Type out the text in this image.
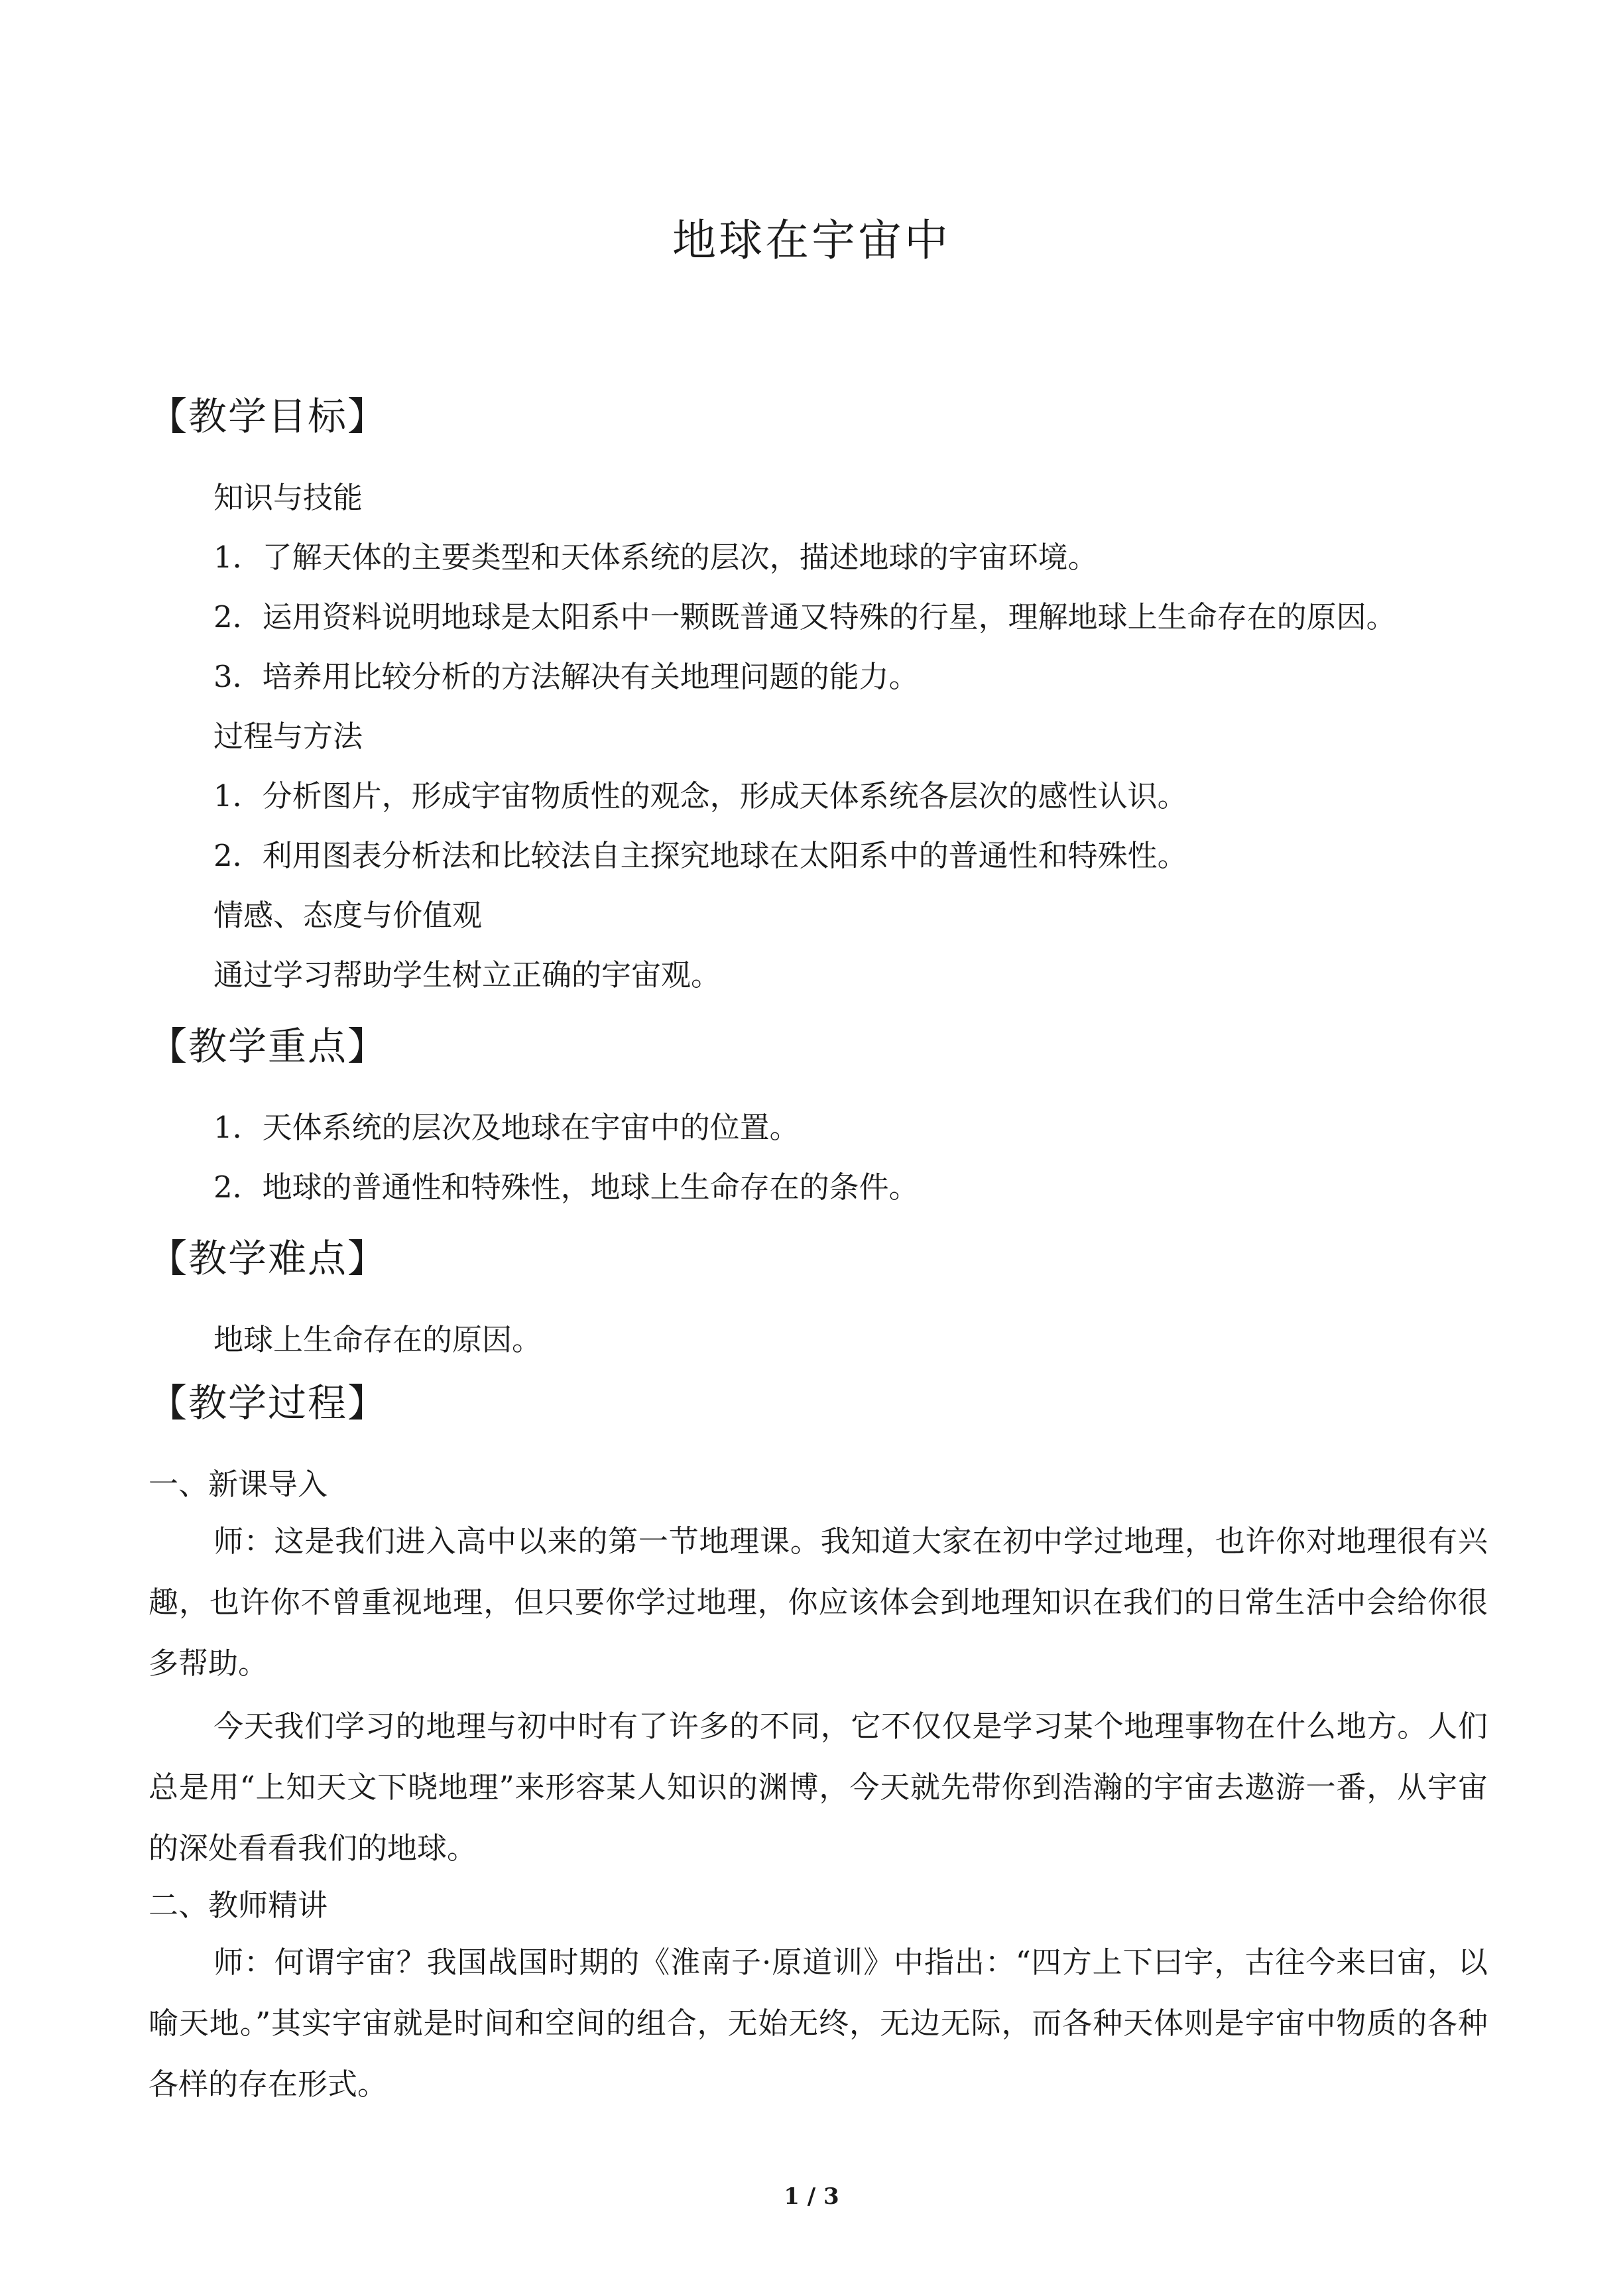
地球在宇宙中
【教学目标】
知识与技能
1．了解天体的主要类型和天体系统的层次，描述地球的宇宙环境。
2．运用资料说明地球是太阳系中一颗既普通又特殊的行星，理解地球上生命存在的原因。
3．培养用比较分析的方法解决有关地理问题的能力。
过程与方法
1．分析图片，形成宇宙物质性的观念，形成天体系统各层次的感性认识。
2．利用图表分析法和比较法自主探究地球在太阳系中的普通性和特殊性。
情感、态度与价值观
通过学习帮助学生树立正确的宇宙观。
【教学重点】
1．天体系统的层次及地球在宇宙中的位置。
2．地球的普通性和特殊性，地球上生命存在的条件。
【教学难点】
地球上生命存在的原因。
【教学过程】
一、新课导入
师：这是我们进入高中以来的第一节地理课。我知道大家在初中学过地理，也许你对地理很有兴趣，也许你不曾重视地理，但只要你学过地理，你应该体会到地理知识在我们的日常生活中会给你很多帮助。
今天我们学习的地理与初中时有了许多的不同，它不仅仅是学习某个地理事物在什么地方。人们总是用“上知天文下晓地理”来形容某人知识的渊博，今天就先带你到浩瀚的宇宙去遨游一番，从宇宙的深处看看我们的地球。
二、教师精讲
师：何谓宇宙？我国战国时期的《淮南子·原道训》中指出：“四方上下曰宇，古往今来曰宙，以喻天地。”其实宇宙就是时间和空间的组合，无始无终，无边无际，而各种天体则是宇宙中物质的各种各样的存在形式。
1 / 3
